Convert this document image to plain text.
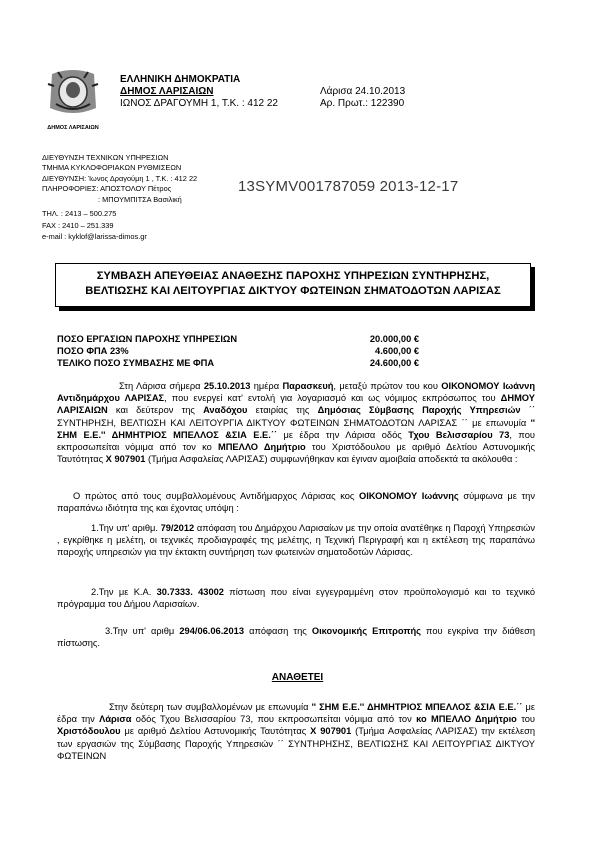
ΔΗΜΟΣ ΛΑΡΙΣΑΙΩΝ
ΕΛΛΗΝΙΚΗ ΔΗΜΟΚΡΑΤΙΑ
ΔΗΜΟΣ ΛΑΡΙΣΑΙΩΝ
ΙΩΝΟΣ ΔΡΑΓΟΥΜΗ 1, Τ.Κ. : 412 22
Λάρισα 24.10.2013
Αρ. Πρωτ.: 122390
ΔΙΕΥΘΥΝΣΗ ΤΕΧΝΙΚΩΝ ΥΠΗΡΕΣΙΩΝ
ΤΜΗΜΑ ΚΥΚΛΟΦΟΡΙΑΚΩΝ ΡΥΘΜΙΣΕΩΝ
ΔΙΕΥΘΥΝΣΗ: Ίωνος Δραγούμη 1 , Τ.Κ. : 412 22
ΠΛΗΡΟΦΟΡΙΕΣ: ΑΠΟΣΤΟΛΟΥ Πέτρος
: ΜΠΟΥΜΠΙΤΣΑ Βασιλική
ΤΗΛ. : 2413 – 500.275
FAX : 2410 – 251.339
e-mail : kyklof@larissa-dimos.gr
13SYMV001787059 2013-12-17
ΣΥΜΒΑΣΗ ΑΠΕΥΘΕΙΑΣ ΑΝΑΘΕΣΗΣ ΠΑΡΟΧΗΣ ΥΠΗΡΕΣΙΩΝ ΣΥΝΤΗΡΗΣΗΣ,
ΒΕΛΤΙΩΣΗΣ ΚΑΙ ΛΕΙΤΟΥΡΓΙΑΣ ΔΙΚΤΥΟΥ ΦΩΤΕΙΝΩΝ ΣΗΜΑΤΟΔΟΤΩΝ ΛΑΡΙΣΑΣ
ΠΟΣΟ ΕΡΓΑΣΙΩΝ ΠΑΡΟΧΗΣ ΥΠΗΡΕΣΙΩΝ	20.000,00 €
ΠΟΣΟ ΦΠΑ 23%	4.600,00 €
ΤΕΛΙΚΟ ΠΟΣΟ ΣΥΜΒΑΣΗΣ ΜΕ ΦΠΑ	24.600,00 €
Στη Λάρισα σήμερα 25.10.2013 ημέρα Παρασκευή, μεταξύ πρώτον του κου ΟΙΚΟΝΟΜΟΥ Ιωάννη Αντιδημάρχου ΛΑΡΙΣΑΣ, που ενεργεί κατ' εντολή για λογαριασμό και ως νόμιμος εκπρόσωπος του ΔΗΜΟΥ ΛΑΡΙΣΑΙΩΝ και δεύτερον της Αναδόχου εταιρίας της Δημόσιας Σύμβασης Παροχής Υπηρεσιών ΄΄ ΣΥΝΤΗΡΗΣΗ, ΒΕΛΤΙΩΣΗ ΚΑΙ ΛΕΙΤΟΥΡΓΙΑ ΔΙΚΤΥΟΥ ΦΩΤΕΙΝΩΝ ΣΗΜΑΤΟΔΟΤΩΝ ΛΑΡΙΣΑΣ ΄΄ με επωνυμία '' ΣΗΜ Ε.Ε.'' ΔΗΜΗΤΡΙΟΣ ΜΠΕΛΛΟΣ &ΣΙΑ Ε.Ε.΄΄ με έδρα την Λάρισα οδός Τχου Βελισσαρίου 73, που εκπροσωπείται νόμιμα από τον κο ΜΠΕΛΛΟ Δημήτριο του Χριστόδουλου με αριθμό Δελτίου Αστυνομικής Ταυτότητας Χ 907901 (Τμήμα Ασφαλείας ΛΑΡΙΣΑΣ) συμφωνήθηκαν και έγιναν αμοιβαία αποδεκτά τα ακόλουθα :
Ο πρώτος από τους συμβαλλομένους Αντιδήμαρχος Λάρισας κος ΟΙΚΟΝΟΜΟΥ Ιωάννης σύμφωνα με την παραπάνω ιδιότητα της και έχοντας υπόψη :
1.Την υπ' αριθμ. 79/2012 απόφαση του Δημάρχου Λαρισαίων με την οποία ανατέθηκε η Παροχή Υπηρεσιών , εγκρίθηκε η μελέτη, οι τεχνικές προδιαγραφές της μελέτης, η Τεχνική Περιγραφή και η εκτέλεση της παραπάνω παροχής υπηρεσιών για την έκτακτη συντήρηση των φωτεινών σηματοδοτών Λάρισας.
2.Την με Κ.Α. 30.7333. 43002 πίστωση που είναι εγγεγραμμένη στον προϋπολογισμό και το τεχνικό πρόγραμμα του Δήμου Λαρισαίων.
3.Την υπ' αριθμ 294/06.06.2013 απόφαση της Οικονομικής Επιτροπής που εγκρίνα την διάθεση πίστωσης.
ΑΝΑΘΕΤΕΙ
Στην δεύτερη των συμβαλλομένων με επωνυμία '' ΣΗΜ Ε.Ε.'' ΔΗΜΗΤΡΙΟΣ ΜΠΕΛΛΟΣ &ΣΙΑ Ε.Ε.΄΄ με έδρα την Λάρισα οδός Τχου Βελισσαρίου 73, που εκπροσωπείται νόμιμα από τον κο ΜΠΕΛΛΟ Δημήτριο του Χριστόδουλου με αριθμό Δελτίου Αστυνομικής Ταυτότητας Χ 907901 (Τμήμα Ασφαλείας ΛΑΡΙΣΑΣ) την εκτέλεση των εργασιών της Σύμβασης Παροχής Υπηρεσιών ΄΄ ΣΥΝΤΗΡΗΣΗΣ, ΒΕΛΤΙΩΣΗΣ ΚΑΙ ΛΕΙΤΟΥΡΓΙΑΣ ΔΙΚΤΥΟΥ ΦΩΤΕΙΝΩΝ
